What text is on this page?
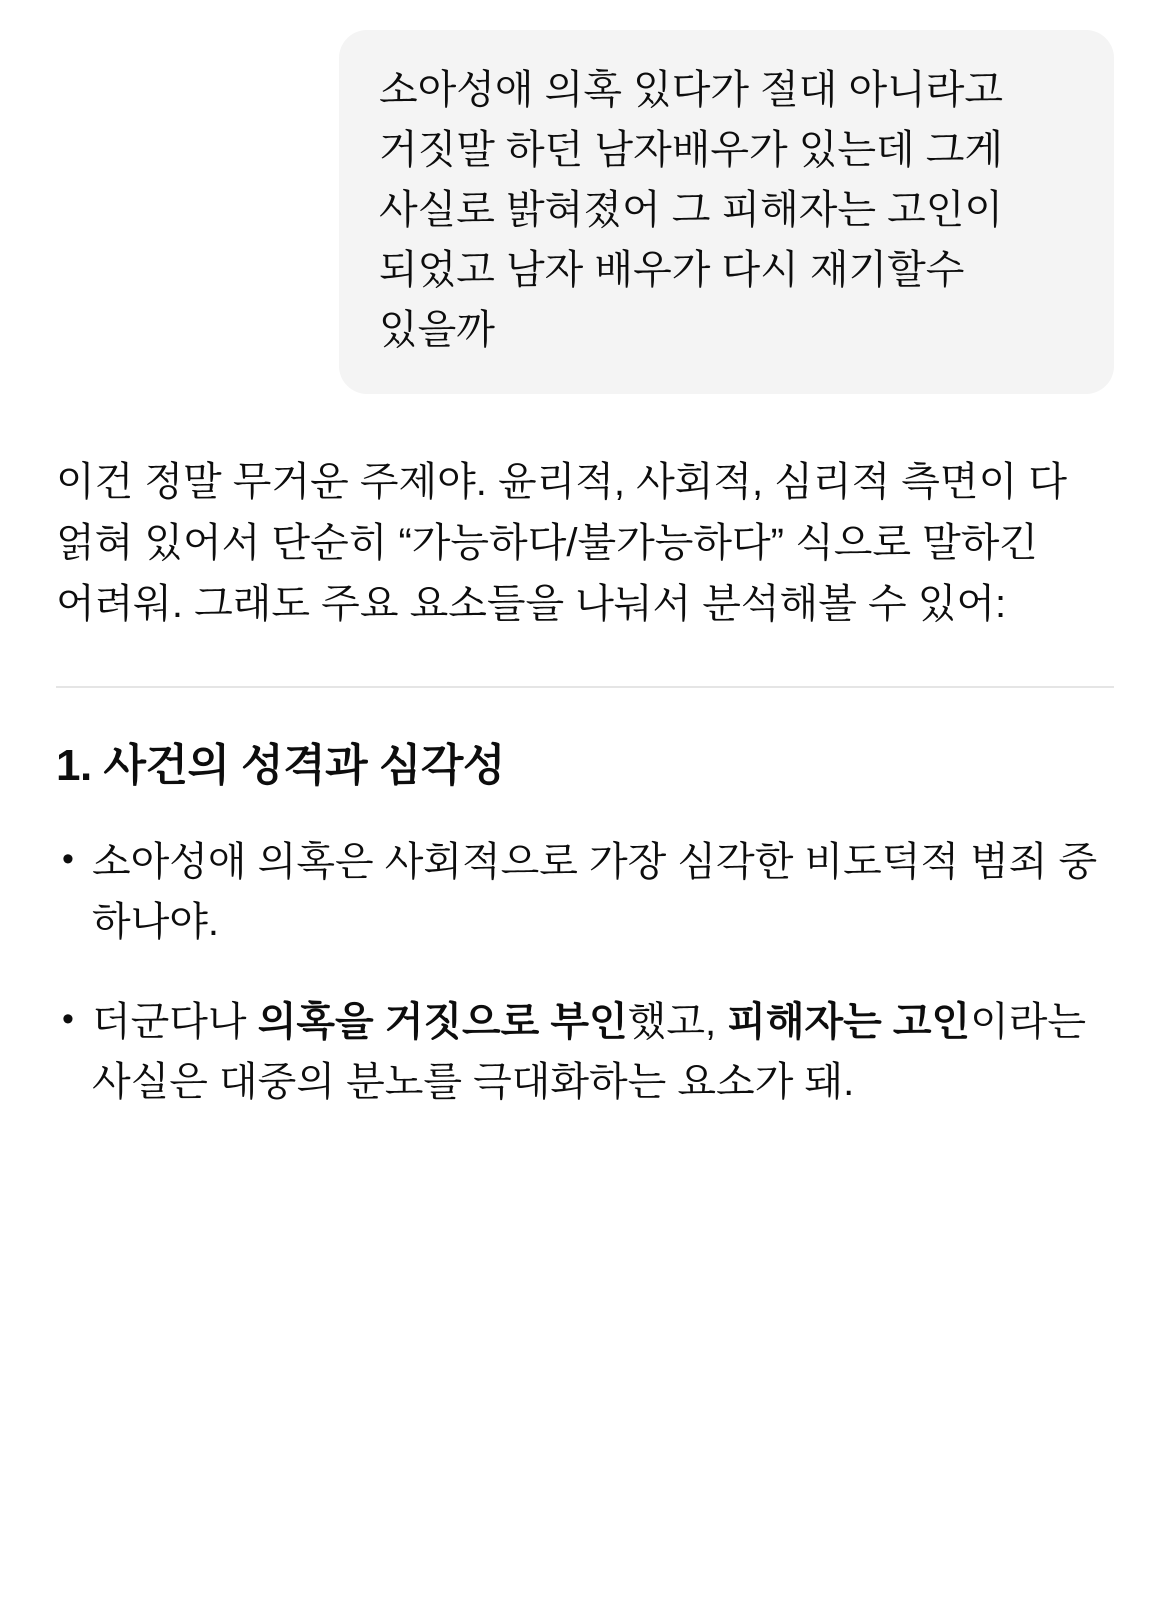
소아성애 의혹 있다가 절대 아니라고 거짓말 하던 남자배우가 있는데 그게 사실로 밝혀졌어 그 피해자는 고인이 되었고 남자 배우가 다시 재기할수 있을까

이건 정말 무거운 주제야. 윤리적, 사회적, 심리적 측면이 다 얽혀 있어서 단순히 “가능하다/불가능하다” 식으로 말하긴 어려워. 그래도 주요 요소들을 나눠서 분석해볼 수 있어:

1. 사건의 성격과 심각성
• 소아성애 의혹은 사회적으로 가장 심각한 비도덕적 범죄 중 하나야.
• 더군다나 의혹을 거짓으로 부인했고, 피해자는 고인이라는 사실은 대중의 분노를 극대화하는 요소가 돼.
